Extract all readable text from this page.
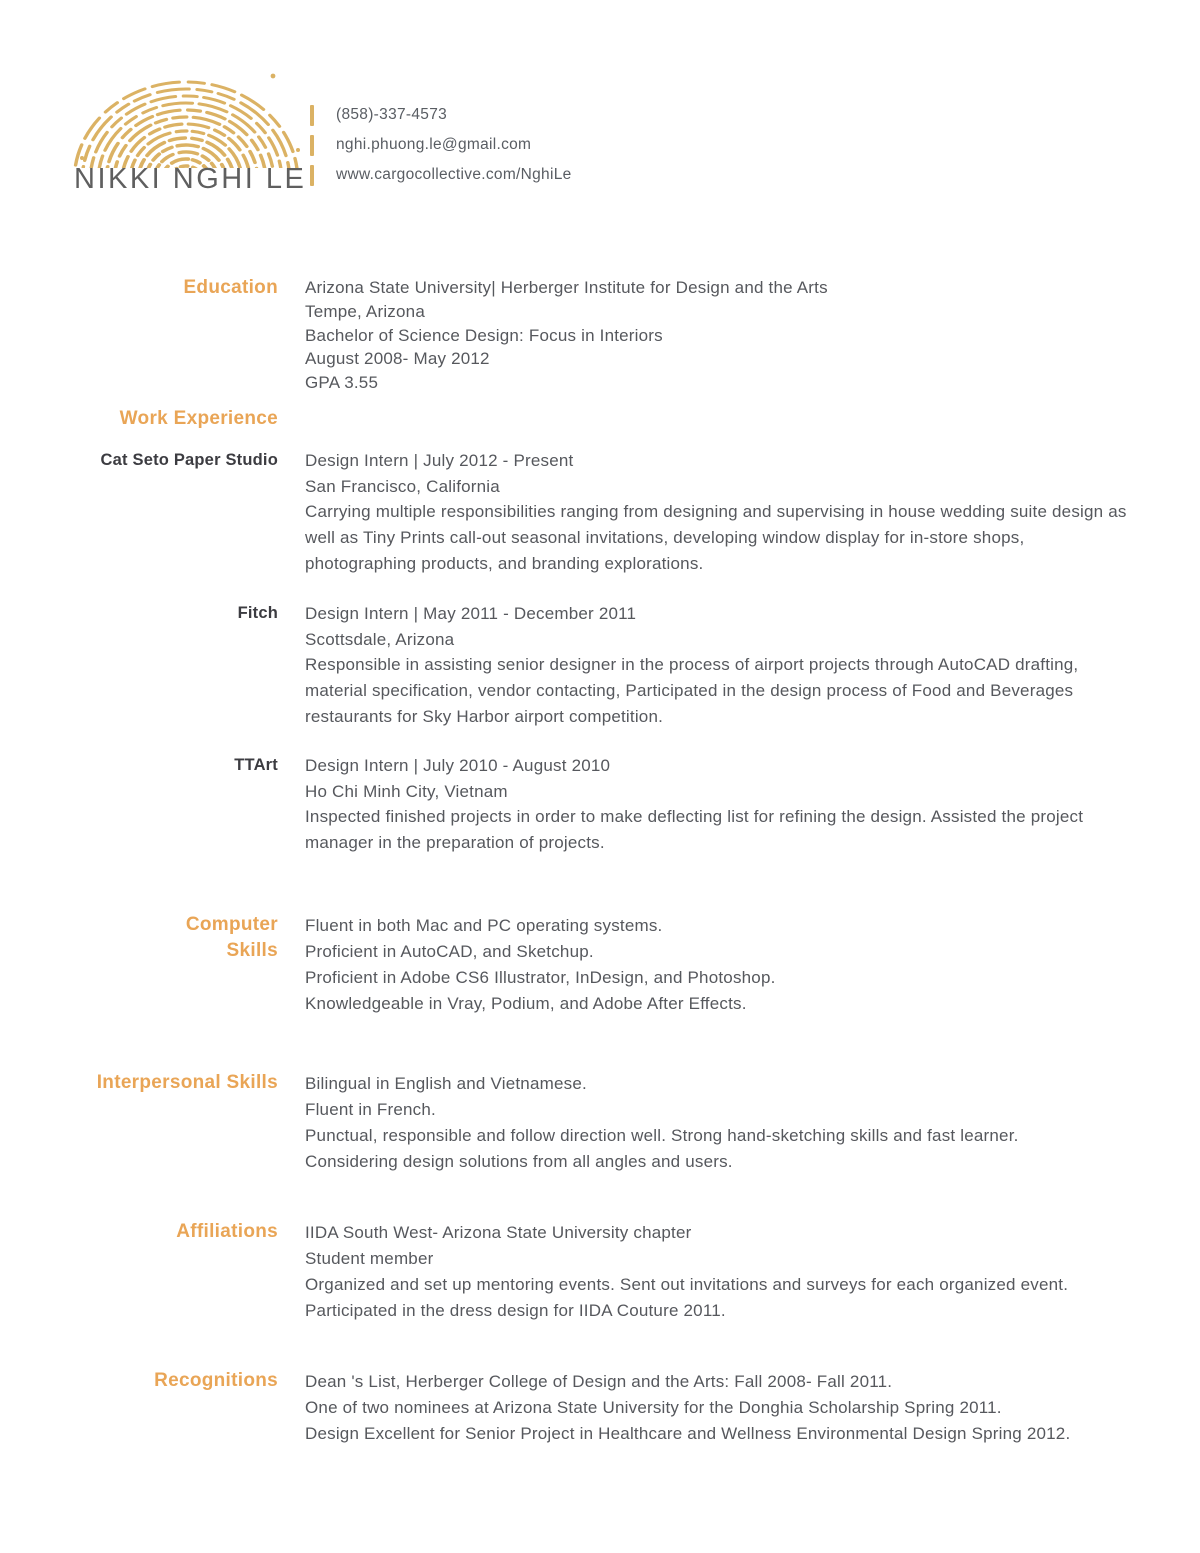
NIKKI NGHI LE
(858)-337-4573
nghi.phuong.le@gmail.com
www.cargocollective.com/NghiLe
Education Arizona State University| Herberger Institute for Design and the Arts
Tempe, Arizona
Bachelor of Science Design: Focus in Interiors
August 2008- May 2012
GPA 3.55
Work Experience
Cat Seto Paper Studio Design Intern | July 2012 - Present
San Francisco, California
Carrying multiple responsibilities ranging from designing and supervising in house wedding suite design as well as Tiny Prints call-out seasonal invitations, developing window display for in-store shops, photographing products, and branding explorations.
Fitch Design Intern | May 2011 - December 2011
Scottsdale, Arizona
Responsible in assisting senior designer in the process of airport projects through AutoCAD drafting, material specification, vendor contacting, Participated in the design process of Food and Beverages restaurants for Sky Harbor airport competition.
TTArt Design Intern | July 2010 - August 2010
Ho Chi Minh City, Vietnam
Inspected finished projects in order to make deflecting list for refining the design. Assisted the project manager in the preparation of projects.
Computer
Skills
Fluent in both Mac and PC operating systems.
Proficient in AutoCAD, and Sketchup.
Proficient in Adobe CS6 Illustrator, InDesign, and Photoshop.
Knowledgeable in Vray, Podium, and Adobe After Effects.
Interpersonal Skills Bilingual in English and Vietnamese.
Fluent in French.
Punctual, responsible and follow direction well. Strong hand-sketching skills and fast learner.
Considering design solutions from all angles and users.
Affiliations IIDA South West- Arizona State University chapter
Student member
Organized and set up mentoring events. Sent out invitations and surveys for each organized event.
Participated in the dress design for IIDA Couture 2011.
Recognitions Dean 's List, Herberger College of Design and the Arts: Fall 2008- Fall 2011.
One of two nominees at Arizona State University for the Donghia Scholarship Spring 2011.
Design Excellent for Senior Project in Healthcare and Wellness Environmental Design Spring 2012.
